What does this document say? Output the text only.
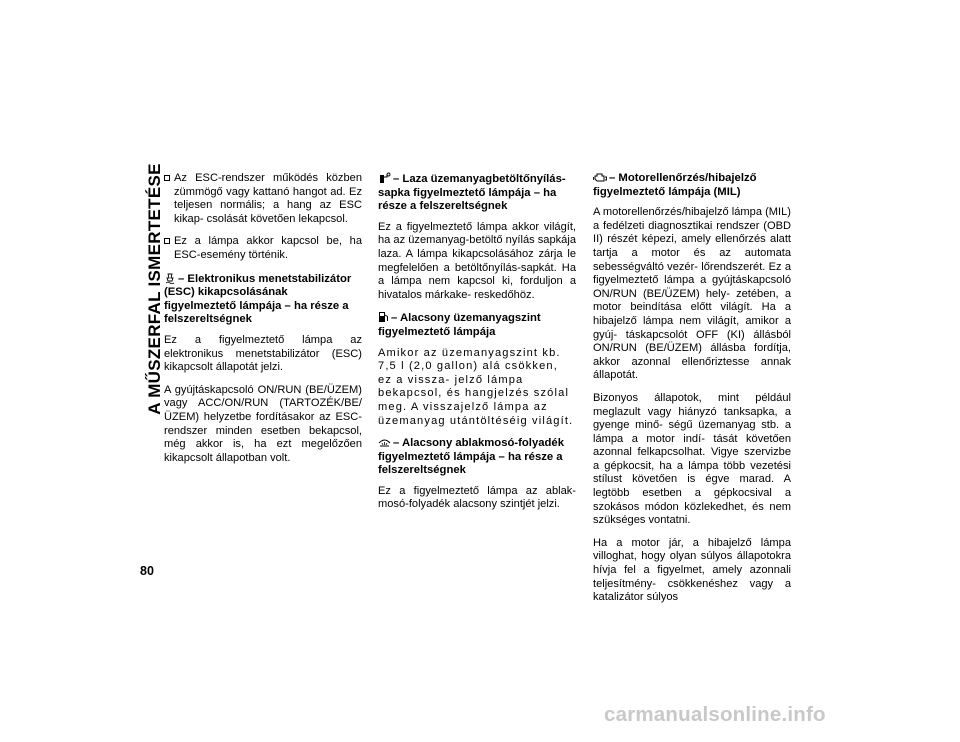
A MŰSZERFAL ISMERTETÉSE Az ESC-rendszer működés közben zümmögő vagy kattanó hangot ad. Ez teljesen normális; a hang az ESC kikap- csolását követően lekapcsol.
Ez a lámpa akkor kapcsol be, ha ESC-esemény történik.
– Elektronikus menetstabilizátor (ESC) kikapcsolásának figyelmeztető lámpája – ha része a felszereltségnek

Ez a figyelmeztető lámpa az elektronikus menetstabilizátor (ESC) kikapcsolt állapotát jelzi.

A gyújtáskapcsoló ON/RUN (BE/ÜZEM) vagy ACC/ON/RUN (TARTOZÉK/BE/ ÜZEM) helyzetbe fordításakor az ESC-rendszer minden esetben bekapcsol, még akkor is, ha ezt megelőzően kikapcsolt állapotban volt.

– Laza üzemanyagbetöltőnyílás-sapka figyelmeztető lámpája – ha része a felszereltségnek

Ez a figyelmeztető lámpa akkor világít, ha az üzemanyag-betöltő nyílás sapkája laza. A lámpa kikapcsolásához zárja le megfelelően a betöltőnyílás-sapkát. Ha a lámpa nem kapcsol ki, forduljon a hivatalos márkake- reskedőhöz.

– Alacsony üzemanyagszint figyelmeztető lámpája

Amikor az üzemanyagszint kb. 7,5 l (2,0 gallon) alá csökken, ez a vissza- jelző lámpa bekapcsol, és hangjelzés szólal meg. A visszajelző lámpa az üzemanyag utántöltéséig világít.

– Alacsony ablakmosó-folyadék figyelmeztető lámpája – ha része a felszereltségnek

Ez a figyelmeztető lámpa az ablak- mosó-folyadék alacsony szintjét jelzi.

– Motorellenőrzés/hibajelző figyelmeztető lámpája (MIL)

A motorellenőrzés/hibajelző lámpa (MIL) a fedélzeti diagnosztikai rendszer (OBD II) részét képezi, amely ellenőrzés alatt tartja a motor és az automata sebességváltó vezér- lőrendszerét. Ez a figyelmeztető lámpa a gyújtáskapcsoló ON/RUN (BE/ÜZEM) hely- zetében, a motor beindítása előtt világít. Ha a hibajelző lámpa nem világít, amikor a gyúj- táskapcsolót OFF (KI) állásból ON/RUN (BE/ÜZEM) állásba fordítja, akkor azonnal ellenőriztesse annak állapotát.

Bizonyos állapotok, mint például meglazult vagy hiányzó tanksapka, a gyenge minő- ségű üzemanyag stb. a lámpa a motor indí- tását követően azonnal felkapcsolhat. Vigye szervizbe a gépkocsit, ha a lámpa több vezetési stílust követően is égve marad. A legtöbb esetben a gépkocsival a szokásos módon közlekedhet, és nem szükséges vontatni.

Ha a motor jár, a hibajelző lámpa villoghat, hogy olyan súlyos állapotokra hívja fel a figyelmet, amely azonnali teljesítmény- csökkenéshez vagy a katalizátor súlyos

80
carmanualsonline.info
